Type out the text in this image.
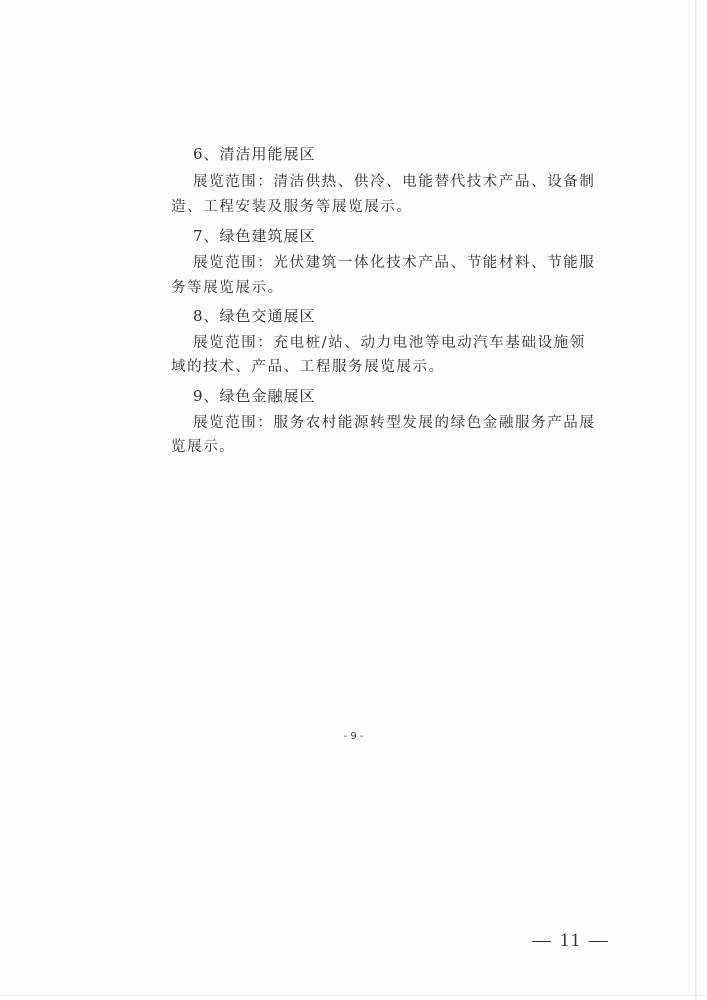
6、清洁用能展区
展览范围：清洁供热、供冷、电能替代技术产品、设备制
造、工程安装及服务等展览展示。
7、绿色建筑展区
展览范围：光伏建筑一体化技术产品、节能材料、节能服
务等展览展示。
8、绿色交通展区
展览范围：充电桩/站、动力电池等电动汽车基础设施领
域的技术、产品、工程服务展览展示。
9、绿色金融展区
展览范围：服务农村能源转型发展的绿色金融服务产品展
览展示。
- 9 -
— 11 —
